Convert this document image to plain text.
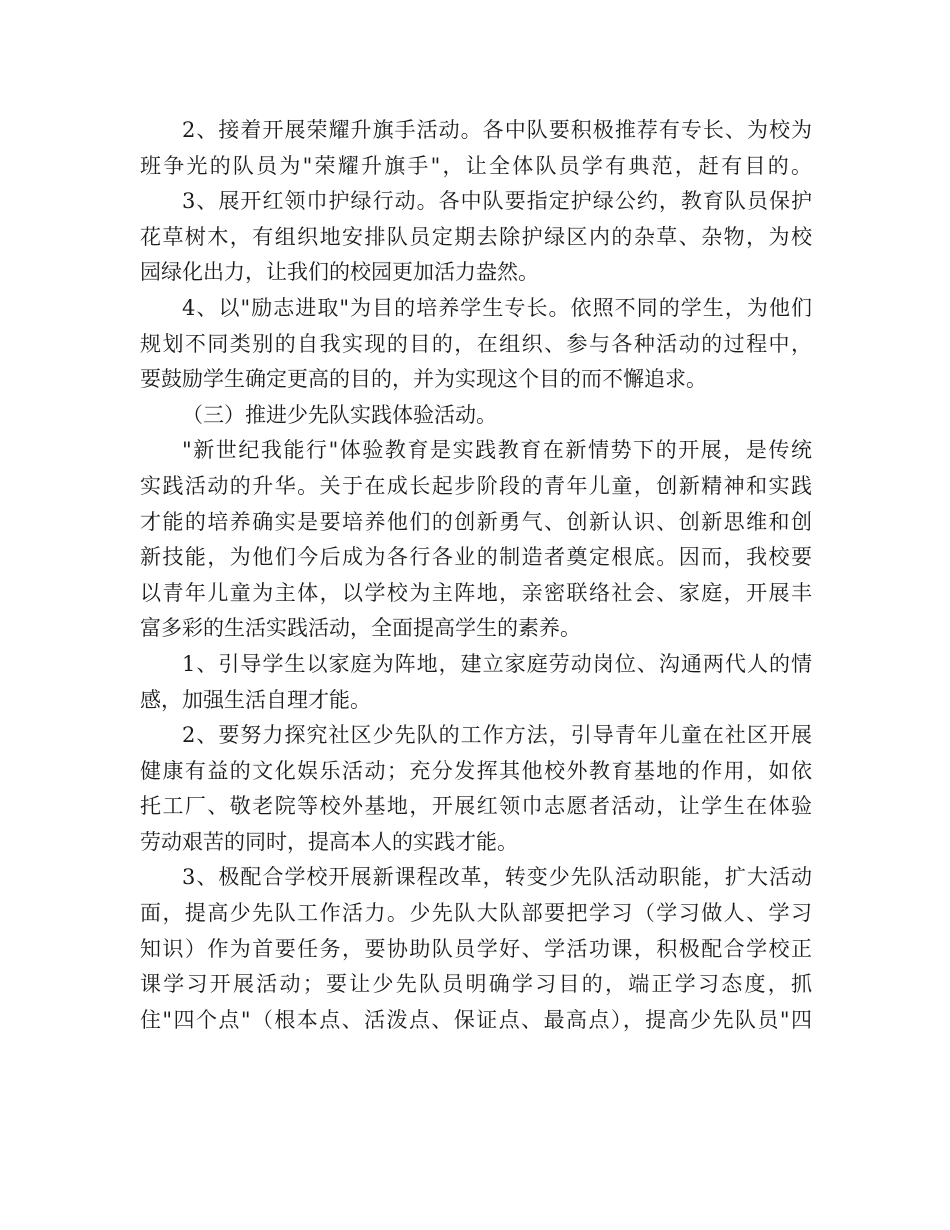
2、接着开展荣耀升旗手活动。各中队要积极推荐有专长、为校为
班争光的队员为"荣耀升旗手"，让全体队员学有典范，赶有目的。
3、展开红领巾护绿行动。各中队要指定护绿公约，教育队员保护
花草树木，有组织地安排队员定期去除护绿区内的杂草、杂物，为校
园绿化出力，让我们的校园更加活力盎然。
4、以"励志进取"为目的培养学生专长。依照不同的学生，为他们
规划不同类别的自我实现的目的，在组织、参与各种活动的过程中，
要鼓励学生确定更高的目的，并为实现这个目的而不懈追求。
（三）推进少先队实践体验活动。
"新世纪我能行"体验教育是实践教育在新情势下的开展，是传统
实践活动的升华。关于在成长起步阶段的青年儿童，创新精神和实践
才能的培养确实是要培养他们的创新勇气、创新认识、创新思维和创
新技能，为他们今后成为各行各业的制造者奠定根底。因而，我校要
以青年儿童为主体，以学校为主阵地，亲密联络社会、家庭，开展丰
富多彩的生活实践活动，全面提高学生的素养。
1、引导学生以家庭为阵地，建立家庭劳动岗位、沟通两代人的情
感，加强生活自理才能。
2、要努力探究社区少先队的工作方法，引导青年儿童在社区开展
健康有益的文化娱乐活动；充分发挥其他校外教育基地的作用，如依
托工厂、敬老院等校外基地，开展红领巾志愿者活动，让学生在体验
劳动艰苦的同时，提高本人的实践才能。
3、极配合学校开展新课程改革，转变少先队活动职能，扩大活动
面，提高少先队工作活力。少先队大队部要把学习（学习做人、学习
知识）作为首要任务，要协助队员学好、学活功课，积极配合学校正
课学习开展活动；要让少先队员明确学习目的，端正学习态度，抓
住"四个点"（根本点、活泼点、保证点、最高点），提高少先队员"四
